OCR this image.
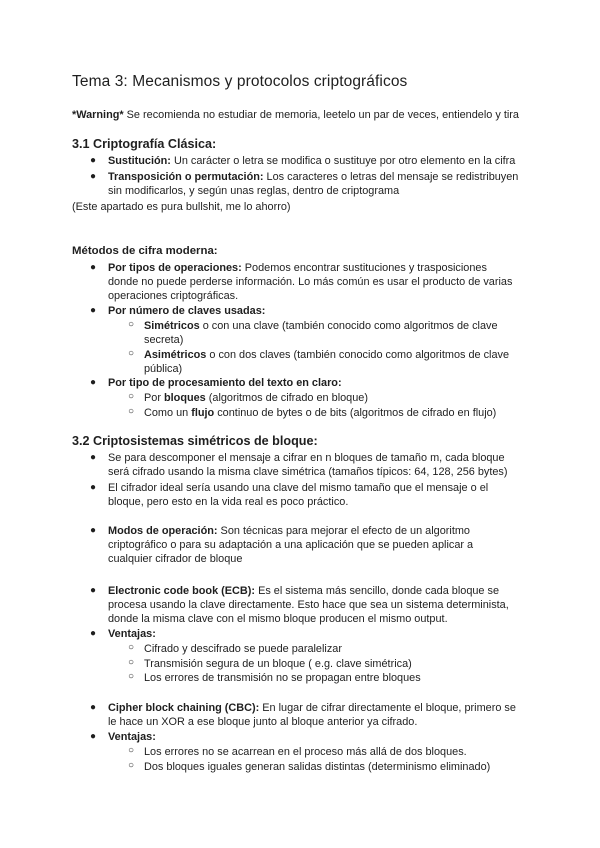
Tema 3: Mecanismos y protocolos criptográficos
*Warning* Se recomienda no estudiar de memoria, leetelo un par de veces, entiendelo y tira
3.1 Criptografía Clásica:
● Sustitución: Un carácter o letra se modifica o sustituye por otro elemento en la cifra
● Transposición o permutación: Los caracteres o letras del mensaje se redistribuyen
sin modificarlos, y según unas reglas, dentro de criptograma
(Este apartado es pura bullshit, me lo ahorro)
Métodos de cifra moderna:
● Por tipos de operaciones: Podemos encontrar sustituciones y trasposiciones
donde no puede perderse información. Lo más común es usar el producto de varias
operaciones criptográficas.
● Por número de claves usadas:
○ Simétricos o con una clave (también conocido como algoritmos de clave
secreta)
○ Asimétricos o con dos claves (también conocido como algoritmos de clave
pública)
● Por tipo de procesamiento del texto en claro:
○ Por bloques (algoritmos de cifrado en bloque)
○ Como un flujo continuo de bytes o de bits (algoritmos de cifrado en flujo)
3.2 Criptosistemas simétricos de bloque:
● Se para descomponer el mensaje a cifrar en n bloques de tamaño m, cada bloque
será cifrado usando la misma clave simétrica (tamaños típicos: 64, 128, 256 bytes)
● El cifrador ideal sería usando una clave del mismo tamaño que el mensaje o el
bloque, pero esto en la vida real es poco práctico.
● Modos de operación: Son técnicas para mejorar el efecto de un algoritmo
criptográfico o para su adaptación a una aplicación que se pueden aplicar a
cualquier cifrador de bloque
● Electronic code book (ECB): Es el sistema más sencillo, donde cada bloque se
procesa usando la clave directamente. Esto hace que sea un sistema determinista,
donde la misma clave con el mismo bloque producen el mismo output.
● Ventajas:
○ Cifrado y descifrado se puede paralelizar
○ Transmisión segura de un bloque ( e.g. clave simétrica)
○ Los errores de transmisión no se propagan entre bloques
● Cipher block chaining (CBC): En lugar de cifrar directamente el bloque, primero se
le hace un XOR a ese bloque junto al bloque anterior ya cifrado.
● Ventajas:
○ Los errores no se acarrean en el proceso más allá de dos bloques.
○ Dos bloques iguales generan salidas distintas (determinismo eliminado)
